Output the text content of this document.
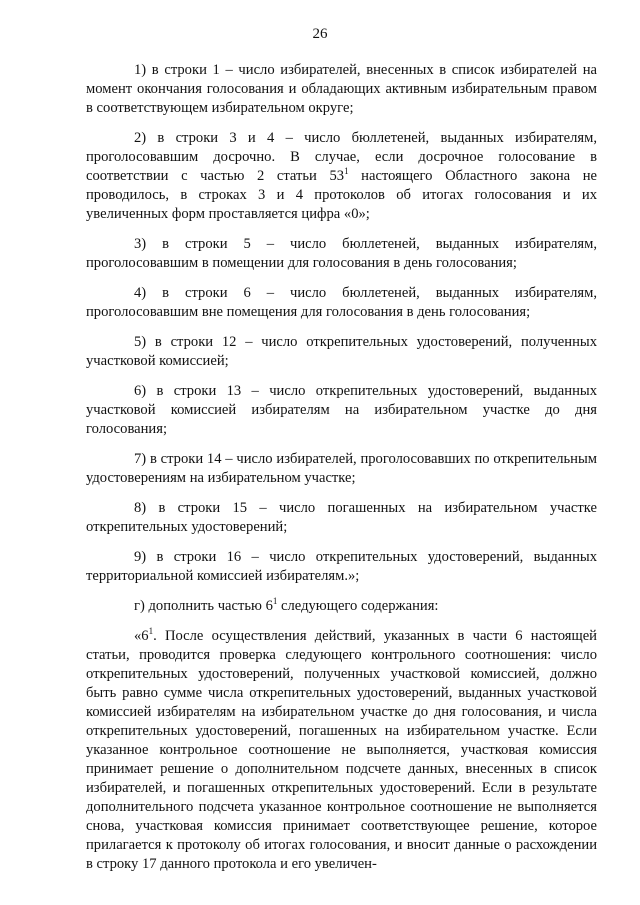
26

1) в строки 1 – число избирателей, внесенных в список избирателей на момент окончания голосования и обладающих активным избирательным правом в соответствующем избирательном округе;

2) в строки 3 и 4 – число бюллетеней, выданных избирателям, проголосовавшим досрочно. В случае, если досрочное голосование в соответствии с частью 2 статьи $53^1$ настоящего Областного закона не проводилось, в строках 3 и 4 протоколов об итогах голосования и их увеличенных форм проставляется цифра «0»;

3) в строки 5 – число бюллетеней, выданных избирателям, проголосовавшим в помещении для голосования в день голосования;

4) в строки 6 – число бюллетеней, выданных избирателям, проголосовавшим вне помещения для голосования в день голосования;

5) в строки 12 – число открепительных удостоверений, полученных участковой комиссией;

6) в строки 13 – число открепительных удостоверений, выданных участковой комиссией избирателям на избирательном участке до дня голосования;

7) в строки 14 – число избирателей, проголосовавших по открепительным удостоверениям на избирательном участке;

8) в строки 15 – число погашенных на избирательном участке открепительных удостоверений;

9) в строки 16 – число открепительных удостоверений, выданных территориальной комиссией избирателям.»;

г) дополнить частью $6^1$ следующего содержания:

«$6^1$. После осуществления действий, указанных в части 6 настоящей статьи, проводится проверка следующего контрольного соотношения: число открепительных удостоверений, полученных участковой комиссией, должно быть равно сумме числа открепительных удостоверений, выданных участковой комиссией избирателям на избирательном участке до дня голосования, и числа открепительных удостоверений, погашенных на избирательном участке. Если указанное контрольное соотношение не выполняется, участковая комиссия принимает решение о дополнительном подсчете данных, внесенных в список избирателей, и погашенных открепительных удостоверений. Если в результате дополнительного подсчета указанное контрольное соотношение не выполняется снова, участковая комиссия принимает соответствующее решение, которое прилагается к протоколу об итогах голосования, и вносит данные о расхождении в строку 17 данного протокола и его увеличен-
